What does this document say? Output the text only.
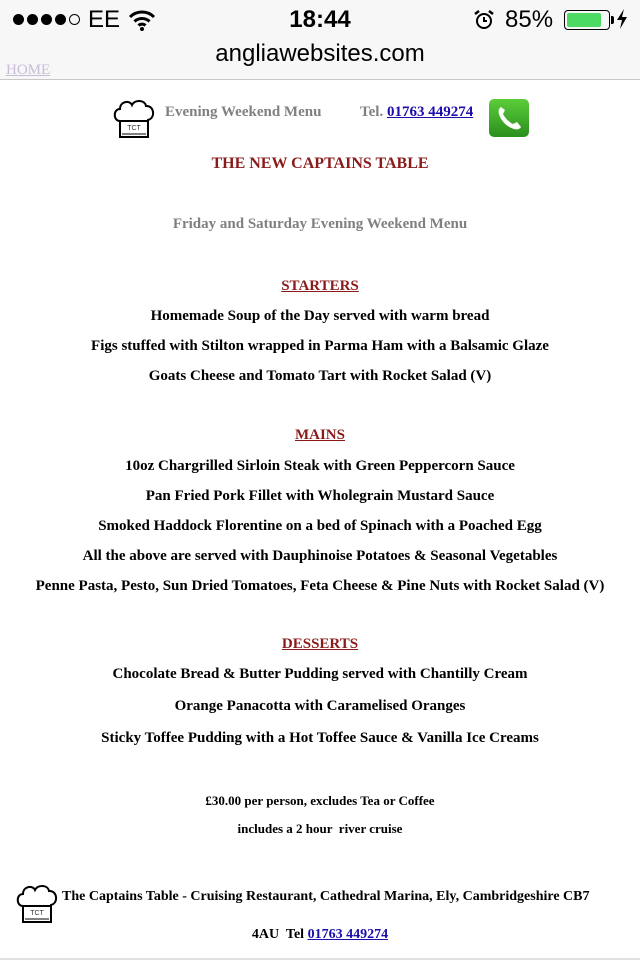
EE	18:44	85%
angliawebsites.com
HOME
TCT
Evening Weekend Menu	Tel. 01763 449274
THE NEW CAPTAINS TABLE
Friday and Saturday Evening Weekend Menu
STARTERS
Homemade Soup of the Day served with warm bread
Figs stuffed with Stilton wrapped in Parma Ham with a Balsamic Glaze
Goats Cheese and Tomato Tart with Rocket Salad (V)
MAINS
10oz Chargrilled Sirloin Steak with Green Peppercorn Sauce
Pan Fried Pork Fillet with Wholegrain Mustard Sauce
Smoked Haddock Florentine on a bed of Spinach with a Poached Egg
All the above are served with Dauphinoise Potatoes & Seasonal Vegetables
Penne Pasta, Pesto, Sun Dried Tomatoes, Feta Cheese & Pine Nuts with Rocket Salad (V)
DESSERTS
Chocolate Bread & Butter Pudding served with Chantilly Cream
Orange Panacotta with Caramelised Oranges
Sticky Toffee Pudding with a Hot Toffee Sauce & Vanilla Ice Creams
£30.00 per person, excludes Tea or Coffee
includes a 2 hour  river cruise
TCT
The Captains Table - Cruising Restaurant, Cathedral Marina, Ely, Cambridgeshire CB7
4AU Tel 01763 449274
